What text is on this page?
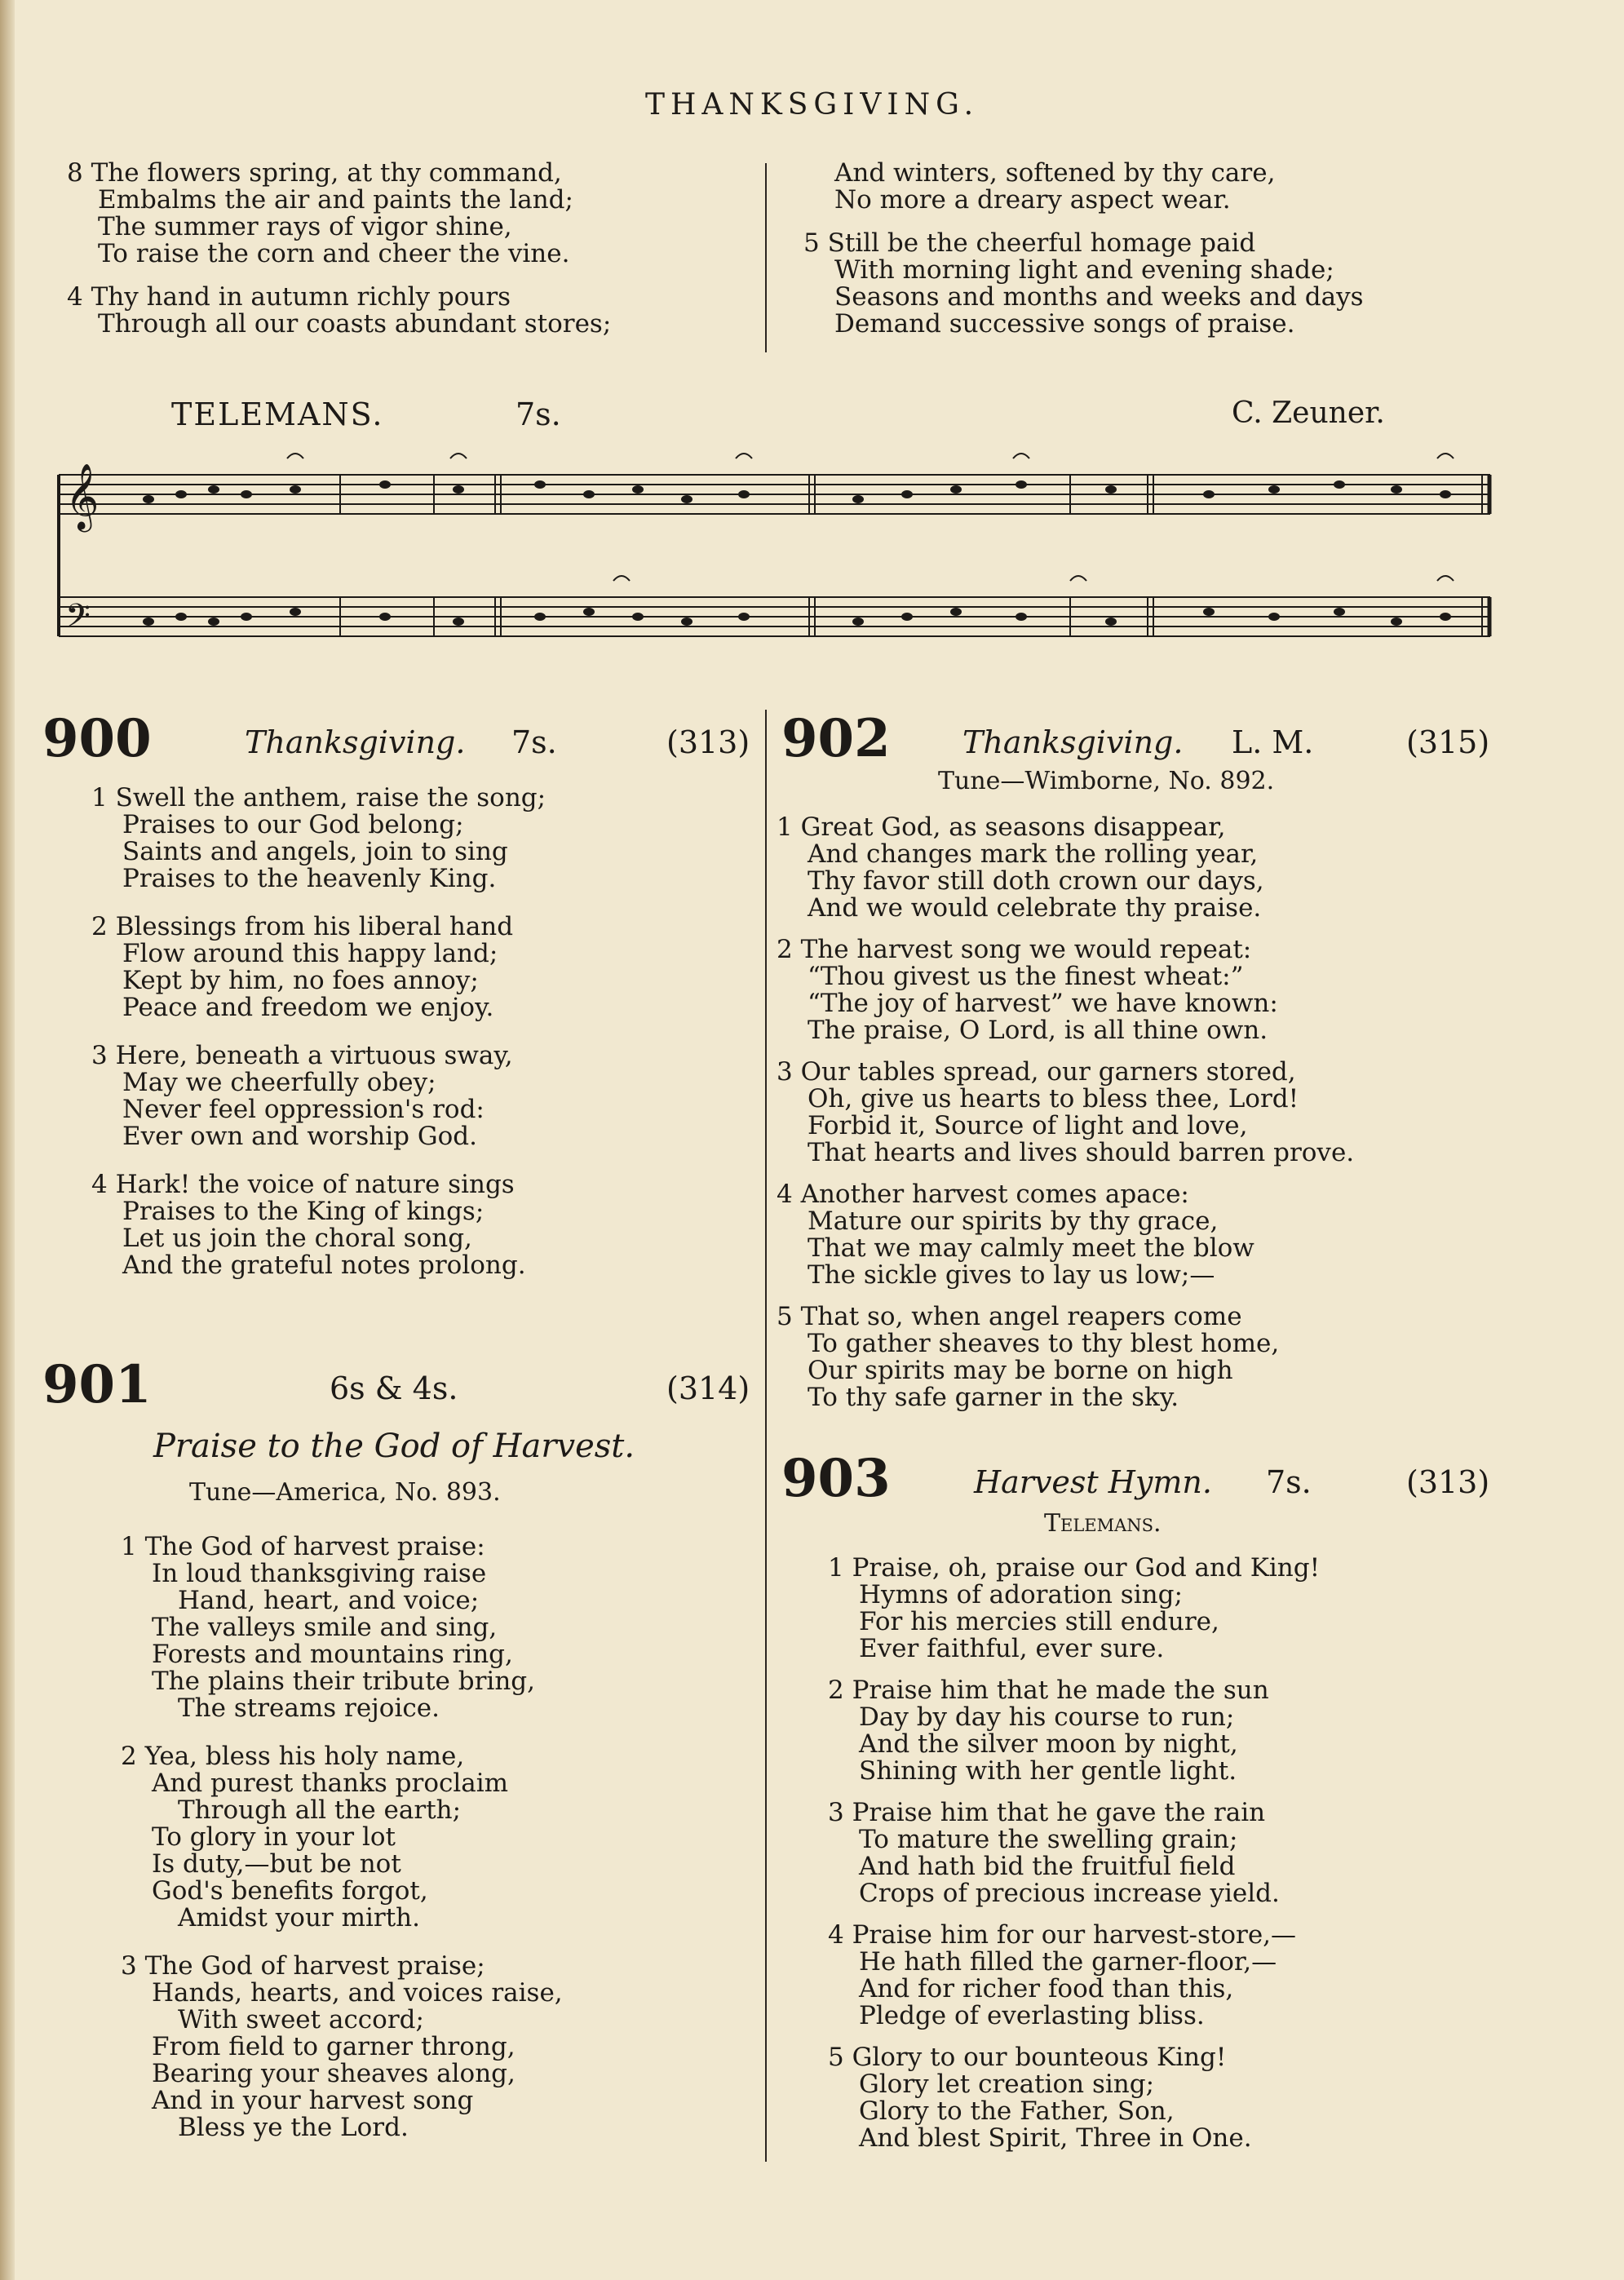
THANKSGIVING.
8 The flowers spring, at thy command,
Embalms the air and paints the land;
The summer rays of vigor shine,
To raise the corn and cheer the vine.
4 Thy hand in autumn richly pours
Through all our coasts abundant stores;
And winters, softened by thy care,
No more a dreary aspect wear.
5 Still be the cheerful homage paid
With morning light and evening shade;
Seasons and months and weeks and days
Demand successive songs of praise.
TELEMANS.	7s.	C. Zeuner.
𝄞
𝄢
900	Thanksgiving. 7s.	(313)
1 Swell the anthem, raise the song;
Praises to our God belong;
Saints and angels, join to sing
Praises to the heavenly King.
2 Blessings from his liberal hand
Flow around this happy land;
Kept by him, no foes annoy;
Peace and freedom we enjoy.
3 Here, beneath a virtuous sway,
May we cheerfully obey;
Never feel oppression's rod:
Ever own and worship God.
4 Hark! the voice of nature sings
Praises to the King of kings;
Let us join the choral song,
And the grateful notes prolong.
901	6s & 4s.	(314)
Praise to the God of Harvest.
Tune—America, No. 893.
1 The God of harvest praise:
In loud thanksgiving raise
Hand, heart, and voice;
The valleys smile and sing,
Forests and mountains ring,
The plains their tribute bring,
The streams rejoice.
2 Yea, bless his holy name,
And purest thanks proclaim
Through all the earth;
To glory in your lot
Is duty,—but be not
God's benefits forgot,
Amidst your mirth.
3 The God of harvest praise;
Hands, hearts, and voices raise,
With sweet accord;
From field to garner throng,
Bearing your sheaves along,
And in your harvest song
Bless ye the Lord.
902 Thanksgiving. L. M.	(315)
Tune—Wimborne, No. 892.
1 Great God, as seasons disappear,
And changes mark the rolling year,
Thy favor still doth crown our days,
And we would celebrate thy praise.
2 The harvest song we would repeat:
“Thou givest us the finest wheat:”
“The joy of harvest” we have known:
The praise, O Lord, is all thine own.
3 Our tables spread, our garners stored,
Oh, give us hearts to bless thee, Lord!
Forbid it, Source of light and love,
That hearts and lives should barren prove.
4 Another harvest comes apace:
Mature our spirits by thy grace,
That we may calmly meet the blow
The sickle gives to lay us low;—
5 That so, when angel reapers come
To gather sheaves to thy blest home,
Our spirits may be borne on high
To thy safe garner in the sky.
903	Harvest Hymn. 7s.	(313)
Telemans.
1 Praise, oh, praise our God and King!
Hymns of adoration sing;
For his mercies still endure,
Ever faithful, ever sure.
2 Praise him that he made the sun
Day by day his course to run;
And the silver moon by night,
Shining with her gentle light.
3 Praise him that he gave the rain
To mature the swelling grain;
And hath bid the fruitful field
Crops of precious increase yield.
4 Praise him for our harvest-store,—
He hath filled the garner-floor,—
And for richer food than this,
Pledge of everlasting bliss.
5 Glory to our bounteous King!
Glory let creation sing;
Glory to the Father, Son,
And blest Spirit, Three in One.
